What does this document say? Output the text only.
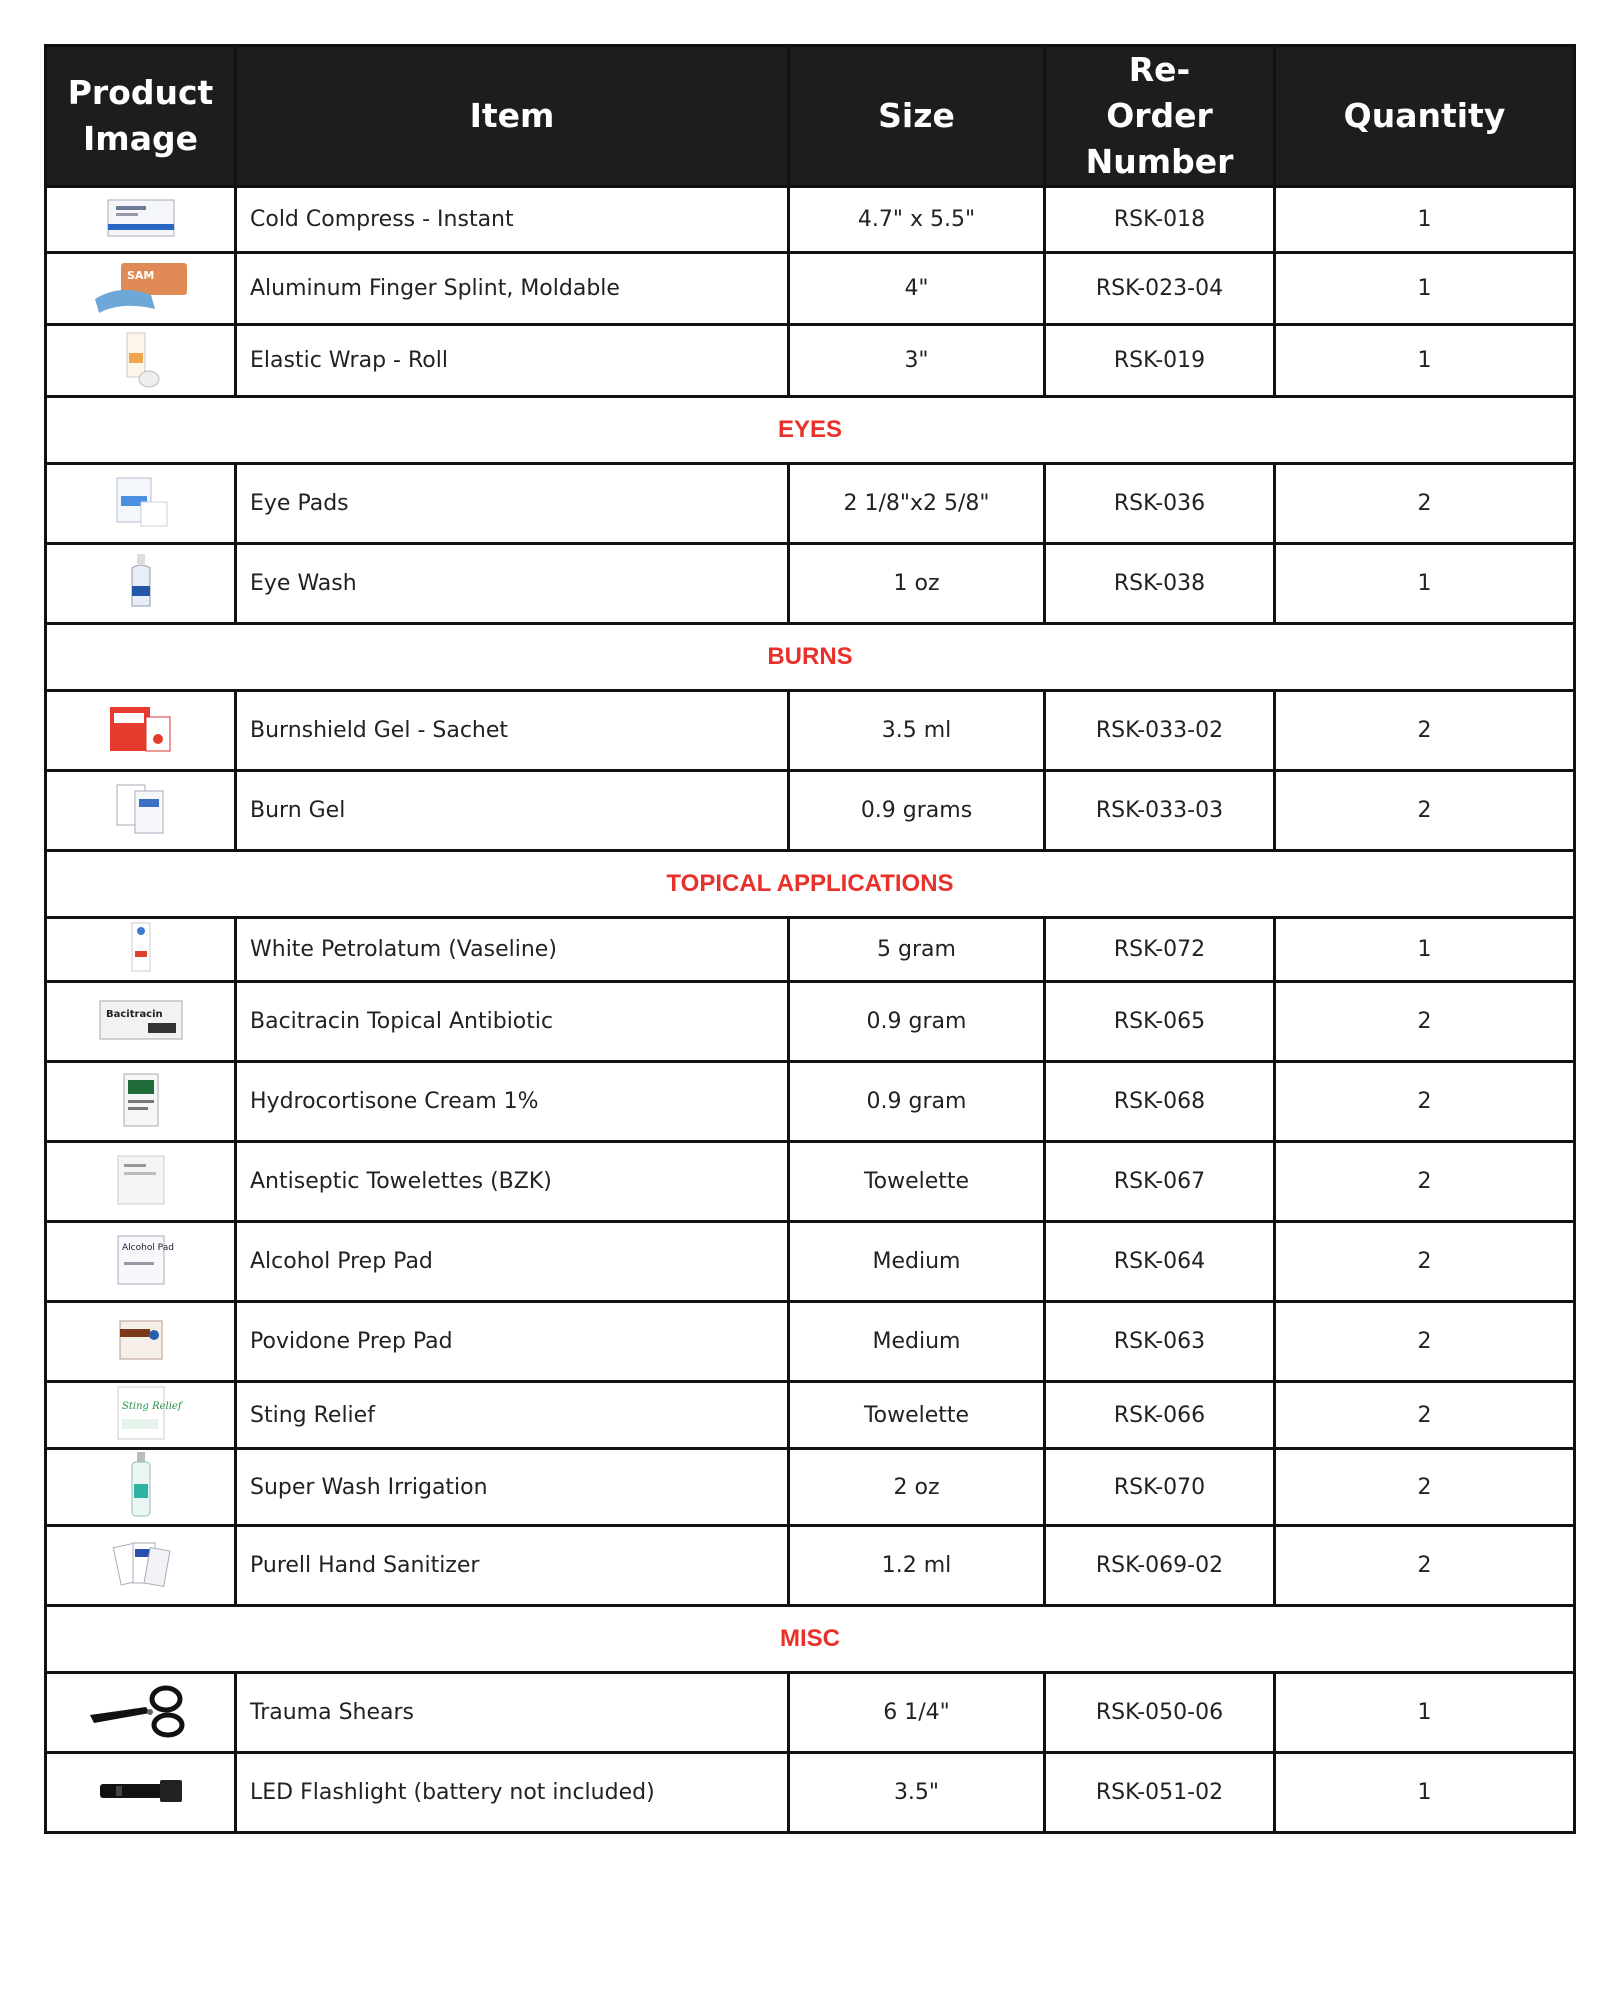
Product Image	Item	Size	Re-Order Number	Quantity
	Cold Compress - Instant	4.7" x 5.5"	RSK-018	1

SAM	Aluminum Finger Splint, Moldable	4"	RSK-023-04	1
	Elastic Wrap - Roll	3"	RSK-019	1
EYES				
	Eye Pads	2 1/8"x2 5/8"	RSK-036	2
	Eye Wash	1 oz	RSK-038	1
BURNS				
	Burnshield Gel - Sachet	3.5 ml	RSK-033-02	2
	Burn Gel	0.9 grams	RSK-033-03	2
TOPICAL APPLICATIONS				
	White Petrolatum (Vaseline)	5 gram	RSK-072	1

Bacitracin	Bacitracin Topical Antibiotic	0.9 gram	RSK-065	2
	Hydrocortisone Cream 1%	0.9 gram	RSK-068	2
	Antiseptic Towelettes (BZK)	Towelette	RSK-067	2

Alcohol Pad	Alcohol Prep Pad	Medium	RSK-064	2
	Povidone Prep Pad	Medium	RSK-063	2

Sting Relief	Sting Relief	Towelette	RSK-066	2
	Super Wash Irrigation	2 oz	RSK-070	2
	Purell Hand Sanitizer	1.2 ml	RSK-069-02	2
MISC				
	Trauma Shears	6 1/4"	RSK-050-06	1
	LED Flashlight (battery not included)	3.5"	RSK-051-02	1
